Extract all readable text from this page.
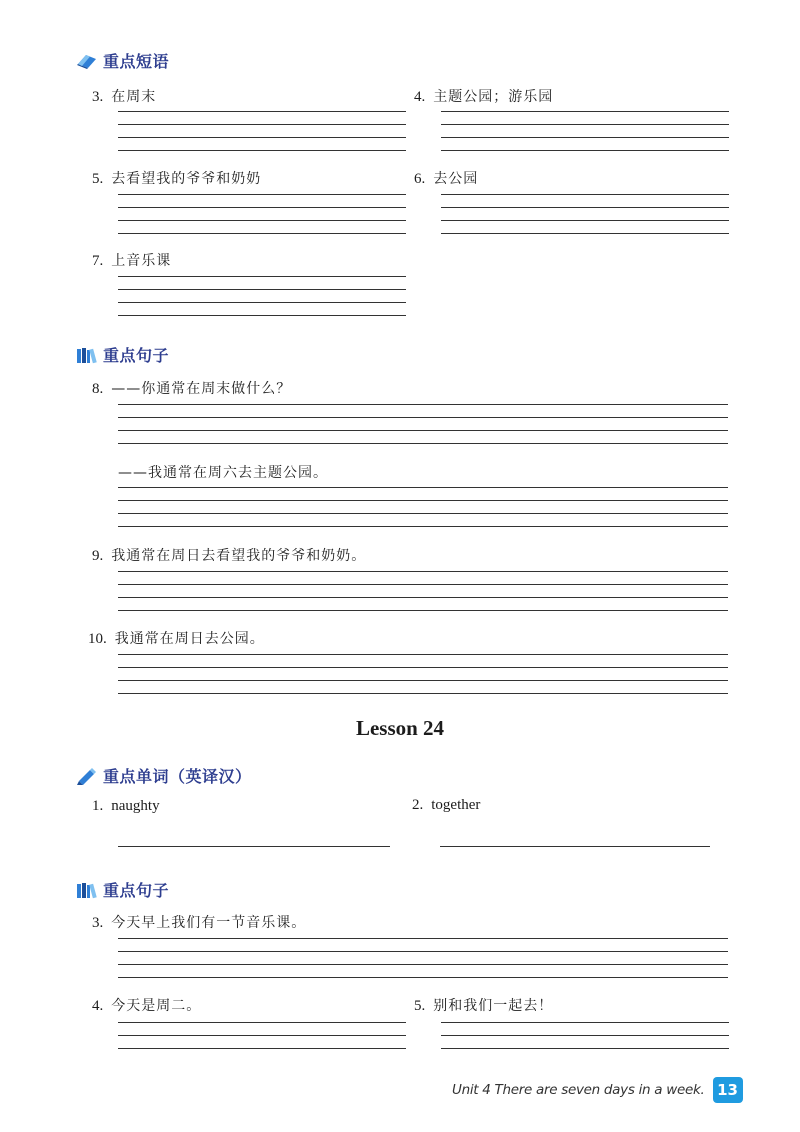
重点短语
3. 在周末	4. 主题公园；游乐园
5. 去看望我的爷爷和奶奶	6. 去公园
7. 上音乐课
重点句子
8. ——你通常在周末做什么？
——我通常在周六去主题公园。
9. 我通常在周日去看望我的爷爷和奶奶。
10. 我通常在周日去公园。
Lesson 24
重点单词（英译汉）
1. naughty	2. together
重点句子
3. 今天早上我们有一节音乐课。
4. 今天是周二。	5. 别和我们一起去！
Unit 4 There are seven days in a week. 13
